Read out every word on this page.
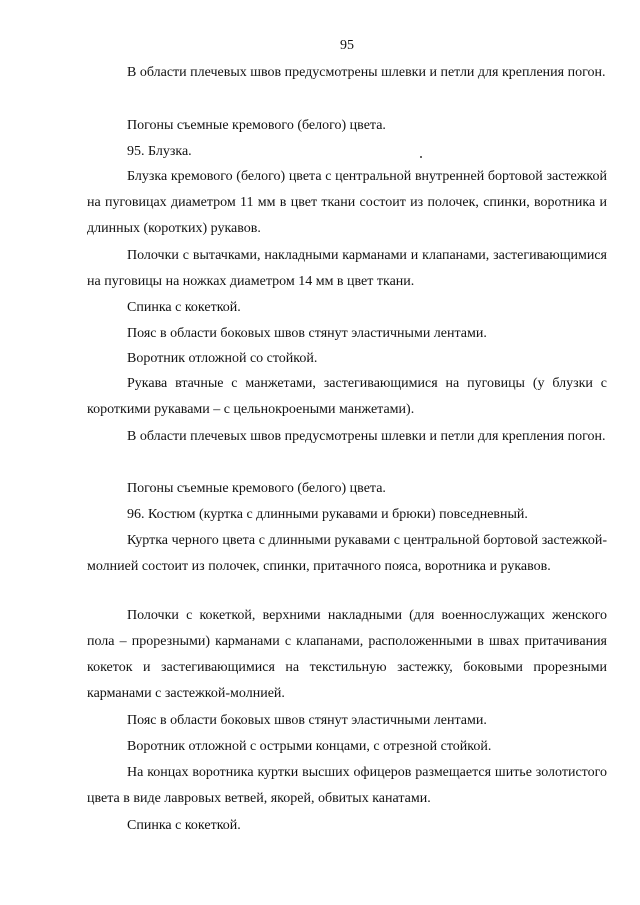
95
В области плечевых швов предусмотрены шлевки и петли для крепления погон.
Погоны съемные кремового (белого) цвета.
95. Блузка.
Блузка кремового (белого) цвета с центральной внутренней бортовой застежкой на пуговицах диаметром 11 мм в цвет ткани состоит из полочек, спинки, воротника и длинных (коротких) рукавов.
Полочки с вытачками, накладными карманами и клапанами, застегивающимися на пуговицы на ножках диаметром 14 мм в цвет ткани.
Спинка с кокеткой.
Пояс в области боковых швов стянут эластичными лентами.
Воротник отложной со стойкой.
Рукава втачные с манжетами, застегивающимися на пуговицы (у блузки с короткими рукавами – с цельнокроеными манжетами).
В области плечевых швов предусмотрены шлевки и петли для крепления погон.
Погоны съемные кремового (белого) цвета.
96. Костюм (куртка с длинными рукавами и брюки) повседневный.
Куртка черного цвета с длинными рукавами с центральной бортовой застежкой-молнией состоит из полочек, спинки, притачного пояса, воротника и рукавов.
Полочки с кокеткой, верхними накладными (для военнослужащих женского пола – прорезными) карманами с клапанами, расположенными в швах притачивания кокеток и застегивающимися на текстильную застежку, боковыми прорезными карманами с застежкой-молнией.
Пояс в области боковых швов стянут эластичными лентами.
Воротник отложной с острыми концами, с отрезной стойкой.
На концах воротника куртки высших офицеров размещается шитье золотистого цвета в виде лавровых ветвей, якорей, обвитых канатами.
Спинка с кокеткой.
